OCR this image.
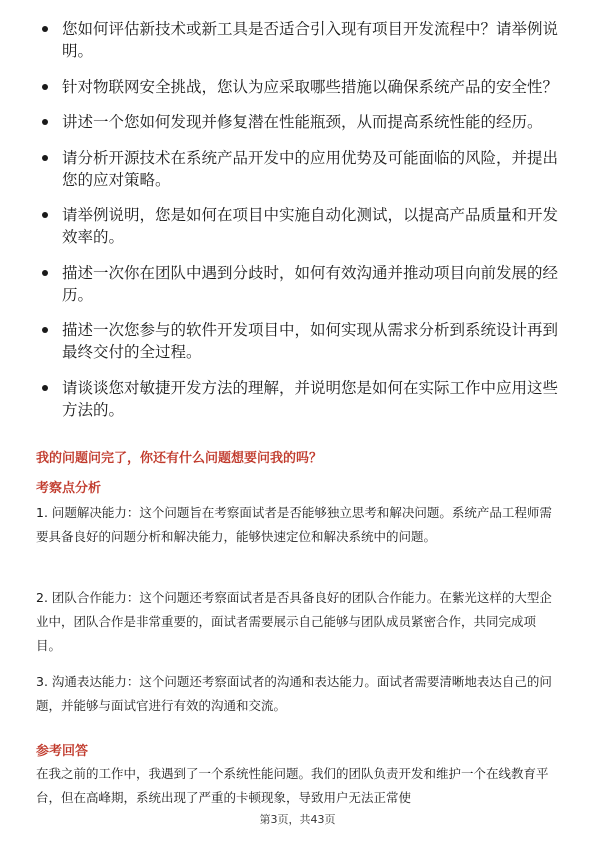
您如何评估新技术或新工具是否适合引入现有项目开发流程中？请举例说明。
针对物联网安全挑战，您认为应采取哪些措施以确保系统产品的安全性？
讲述一个您如何发现并修复潜在性能瓶颈，从而提高系统性能的经历。
请分析开源技术在系统产品开发中的应用优势及可能面临的风险，并提出您的应对策略。
请举例说明，您是如何在项目中实施自动化测试，以提高产品质量和开发效率的。
描述一次你在团队中遇到分歧时，如何有效沟通并推动项目向前发展的经历。
描述一次您参与的软件开发项目中，如何实现从需求分析到系统设计再到最终交付的全过程。
请谈谈您对敏捷开发方法的理解，并说明您是如何在实际工作中应用这些方法的。
我的问题问完了，你还有什么问题想要问我的吗？
考察点分析
1. 问题解决能力：这个问题旨在考察面试者是否能够独立思考和解决问题。系统产品工程师需要具备良好的问题分析和解决能力，能够快速定位和解决系统中的问题。
2. 团队合作能力：这个问题还考察面试者是否具备良好的团队合作能力。在紫光这样的大型企业中，团队合作是非常重要的，面试者需要展示自己能够与团队成员紧密合作，共同完成项目。
3. 沟通表达能力：这个问题还考察面试者的沟通和表达能力。面试者需要清晰地表达自己的问题，并能够与面试官进行有效的沟通和交流。
参考回答
在我之前的工作中，我遇到了一个系统性能问题。我们的团队负责开发和维护一个在线教育平台，但在高峰期，系统出现了严重的卡顿现象，导致用户无法正常使
第3页，共43页
